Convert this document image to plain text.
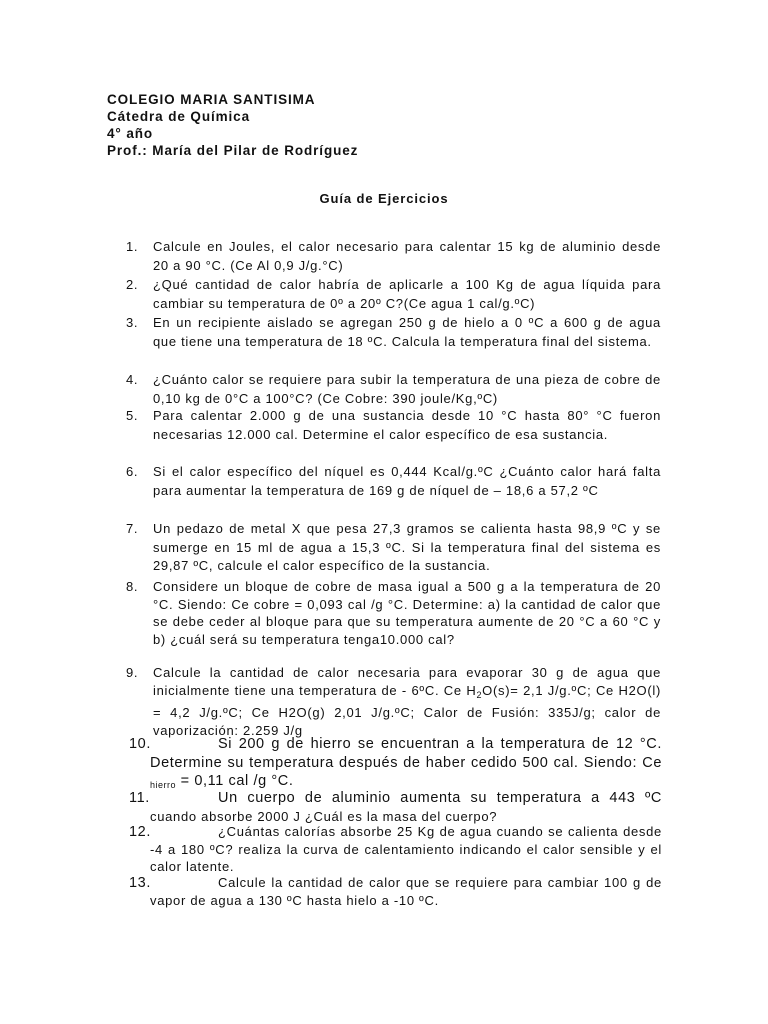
COLEGIO MARIA SANTISIMA
Cátedra de Química
4° año
Prof.: María del Pilar de Rodríguez
Guía de Ejercicios
1. Calcule en Joules, el calor necesario para calentar 15 kg de aluminio desde 20 a 90 °C. (Ce Al 0,9 J/g.°C)
2. ¿Qué cantidad de calor habría de aplicarle a 100 Kg de agua líquida para cambiar su temperatura de 0º a 20º C?(Ce agua 1 cal/g.ºC)
3. En un recipiente aislado se agregan 250 g de hielo a 0 ºC a 600 g de agua que tiene una temperatura de 18 ºC. Calcula la temperatura final del sistema.
4. ¿Cuánto calor se requiere para subir la temperatura de una pieza de cobre de 0,10 kg de 0°C a 100°C? (Ce Cobre: 390 joule/Kg,ºC)
5. Para calentar 2.000 g de una sustancia desde 10 °C hasta 80° °C fueron necesarias 12.000 cal. Determine el calor específico de esa sustancia.
6. Si el calor específico del níquel es 0,444 Kcal/g.ºC ¿Cuánto calor hará falta para aumentar la temperatura de 169 g de níquel de – 18,6 a 57,2 ºC
7. Un pedazo de metal X que pesa 27,3 gramos se calienta hasta 98,9 ºC y se sumerge en 15 ml de agua a 15,3 ºC. Si la temperatura final del sistema es 29,87 ºC, calcule el calor específico de la sustancia.
8. Considere un bloque de cobre de masa igual a 500 g a la temperatura de 20 °C. Siendo: Ce cobre = 0,093 cal /g °C. Determine: a) la cantidad de calor que se debe ceder al bloque para que su temperatura aumente de 20 °C a 60 °C y b) ¿cuál será su temperatura tenga10.000 cal?
9. Calcule la cantidad de calor necesaria para evaporar 30 g de agua que inicialmente tiene una temperatura de - 6ºC. Ce $H_2O(s)= 2,1$ J/g.ºC; Ce H2O(l) = 4,2 J/g.ºC; Ce H2O(g) 2,01 J/g.ºC; Calor de Fusión: 335J/g; calor de vaporización: 2.259 J/g
10.	Si 200 g de hierro se encuentran a la temperatura de 12 °C. Determine su temperatura después de haber cedido 500 cal. Siendo: Ce $_{hierro}$ = 0,11 cal /g °C.
11.	Un cuerpo de aluminio aumenta su temperatura a 443 ºC cuando absorbe 2000 J ¿Cuál es la masa del cuerpo?
12.	¿Cuántas calorías absorbe 25 Kg de agua cuando se calienta desde -4 a 180 ºC? realiza la curva de calentamiento indicando el calor sensible y el calor latente.
13.	Calcule la cantidad de calor que se requiere para cambiar 100 g de vapor de agua a 130 ºC hasta hielo a -10 ºC.
